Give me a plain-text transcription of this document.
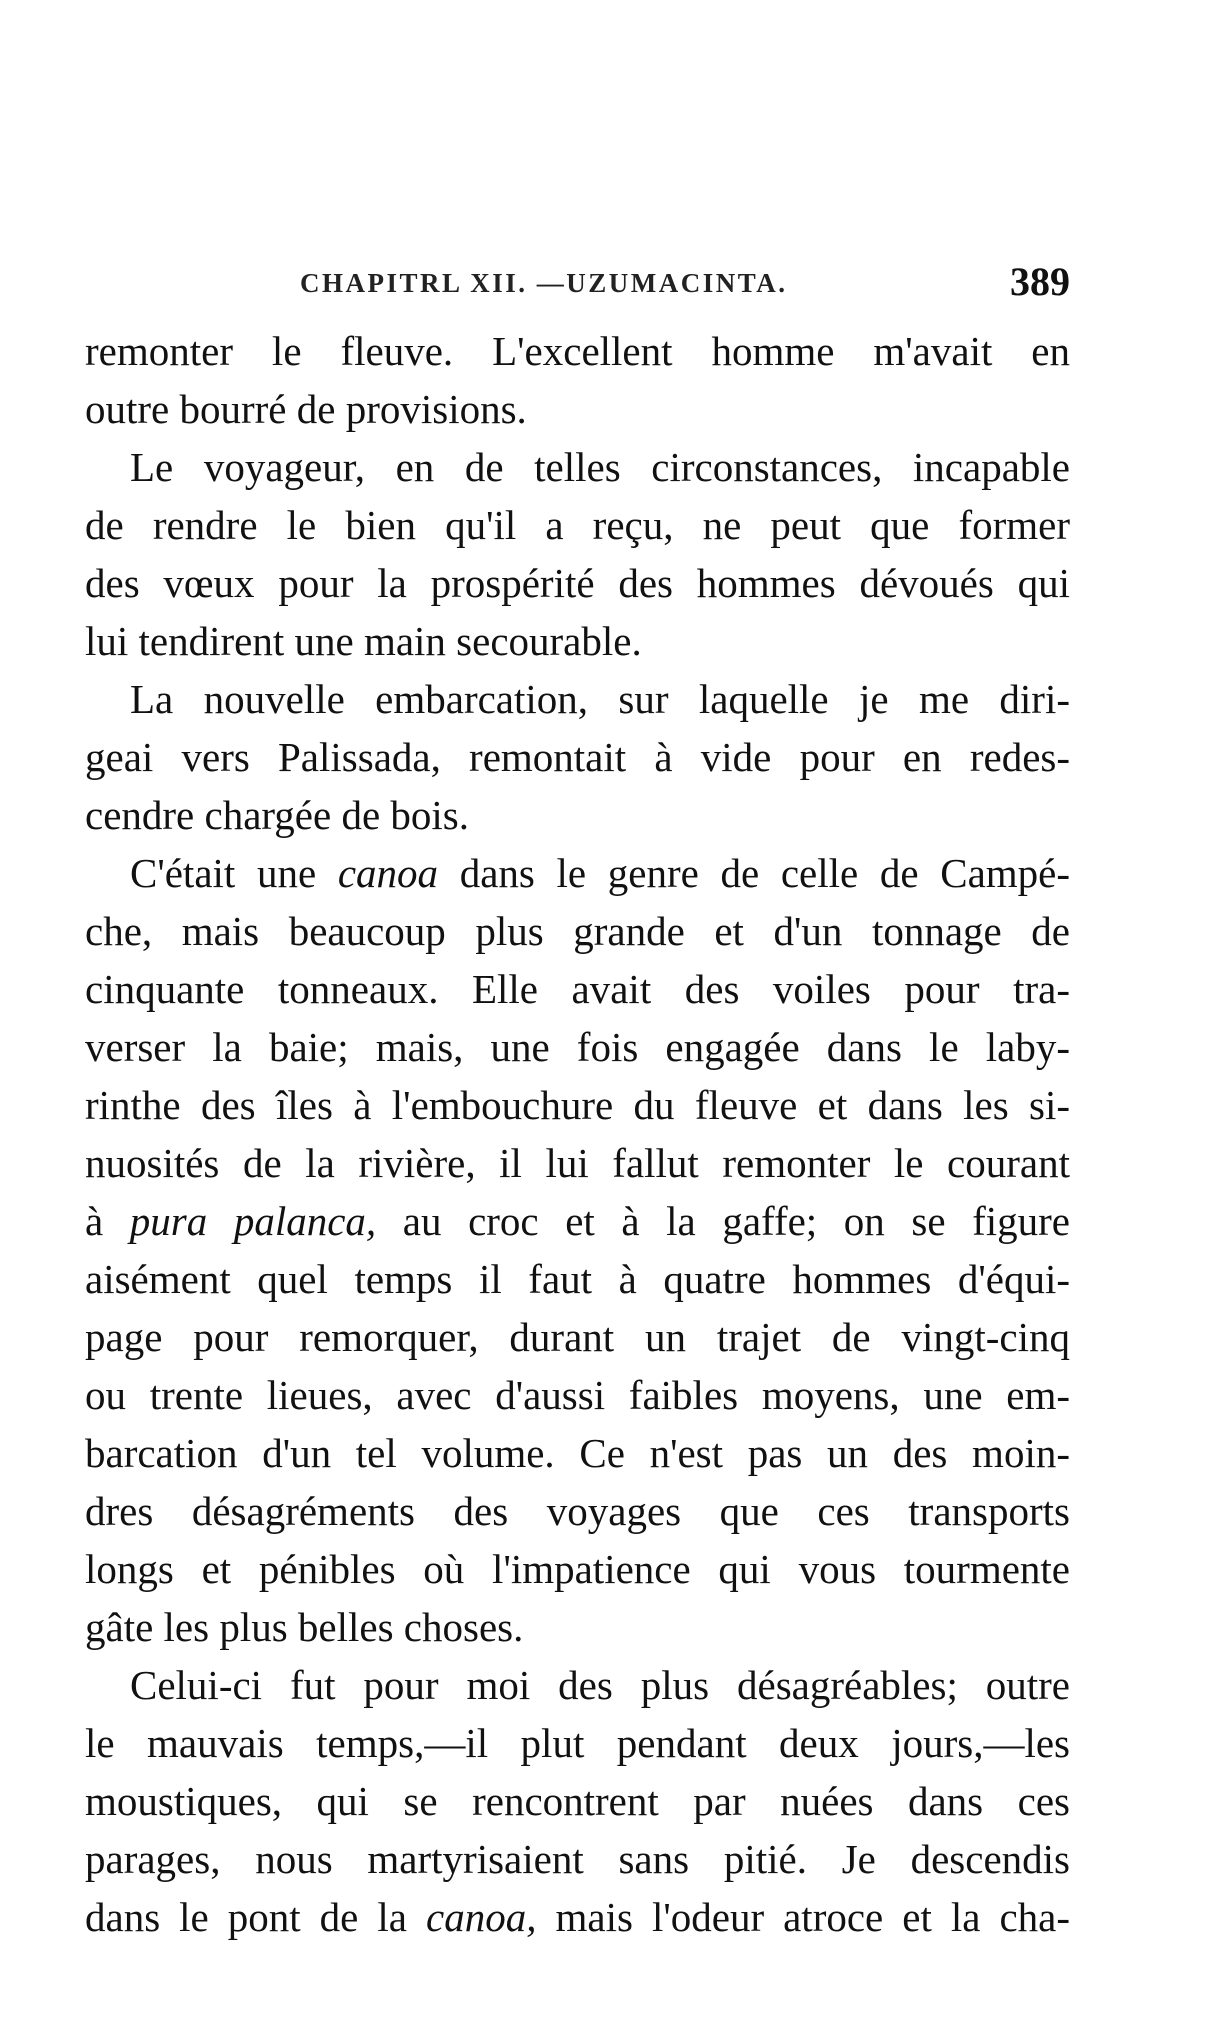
CHAPITRL XII. —UZUMACINTA.	389
remonter le fleuve. L'excellent homme m'avait en
outre bourré de provisions.
Le voyageur, en de telles circonstances, incapable
de rendre le bien qu'il a reçu, ne peut que former
des vœux pour la prospérité des hommes dévoués qui
lui tendirent une main secourable.
La nouvelle embarcation, sur laquelle je me diri-
geai vers Palissada, remontait à vide pour en redes-
cendre chargée de bois.
C'était une canoa dans le genre de celle de Campé-
che, mais beaucoup plus grande et d'un tonnage de
cinquante tonneaux. Elle avait des voiles pour tra-
verser la baie; mais, une fois engagée dans le laby-
rinthe des îles à l'embouchure du fleuve et dans les si-
nuosités de la rivière, il lui fallut remonter le courant
à pura palanca, au croc et à la gaffe; on se figure
aisément quel temps il faut à quatre hommes d'équi-
page pour remorquer, durant un trajet de vingt-cinq
ou trente lieues, avec d'aussi faibles moyens, une em-
barcation d'un tel volume. Ce n'est pas un des moin-
dres désagréments des voyages que ces transports
longs et pénibles où l'impatience qui vous tourmente
gâte les plus belles choses.
Celui-ci fut pour moi des plus désagréables; outre
le mauvais temps,—il plut pendant deux jours,—les
moustiques, qui se rencontrent par nuées dans ces
parages, nous martyrisaient sans pitié. Je descendis
dans le pont de la canoa, mais l'odeur atroce et la cha-
